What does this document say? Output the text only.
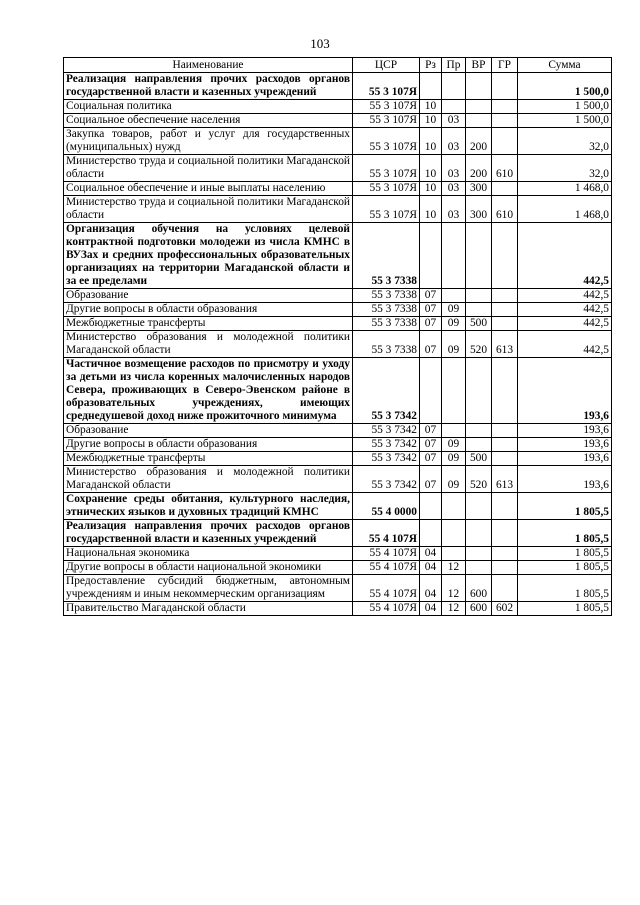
103
Наименование	ЦСР	Рз	Пр	ВР	ГР	Сумма
Реализация направления прочих расходов органов государственной власти и казенных учреждений	55 3 107Я					1 500,0
Социальная политика	55 3 107Я	10				1 500,0
Социальное обеспечение населения	55 3 107Я	10	03			1 500,0
Закупка товаров, работ и услуг для государственных (муниципальных) нужд	55 3 107Я	10	03	200		32,0
Министерство труда и социальной политики Магаданской области	55 3 107Я	10	03	200	610	32,0
Социальное обеспечение и иные выплаты населению	55 3 107Я	10	03	300		1 468,0
Министерство труда и социальной политики Магаданской области	55 3 107Я	10	03	300	610	1 468,0
Организация обучения на условиях целевой контрактной подготовки молодежи из числа КМНС в ВУЗах и средних профессиональных образовательных организациях на территории Магаданской области и за ее пределами	55 3 7338					442,5
Образование	55 3 7338	07				442,5
Другие вопросы в области образования	55 3 7338	07	09			442,5
Межбюджетные трансферты	55 3 7338	07	09	500		442,5
Министерство образования и молодежной политики Магаданской области	55 3 7338	07	09	520	613	442,5
Частичное возмещение расходов по присмотру и уходу за детьми из числа коренных малочисленных народов Севера, проживающих в Северо-Эвенском районе в образовательных учреждениях, имеющих среднедушевой доход ниже прожиточного минимума	55 3 7342					193,6
Образование	55 3 7342	07				193,6
Другие вопросы в области образования	55 3 7342	07	09			193,6
Межбюджетные трансферты	55 3 7342	07	09	500		193,6
Министерство образования и молодежной политики Магаданской области	55 3 7342	07	09	520	613	193,6
Сохранение среды обитания, культурного наследия, этнических языков и духовных традиций КМНС	55 4 0000					1 805,5
Реализация направления прочих расходов органов государственной власти и казенных учреждений	55 4 107Я					1 805,5
Национальная экономика	55 4 107Я	04				1 805,5
Другие вопросы в области национальной экономики	55 4 107Я	04	12			1 805,5
Предоставление субсидий бюджетным, автономным учреждениям и иным некоммерческим организациям	55 4 107Я	04	12	600		1 805,5
Правительство Магаданской области	55 4 107Я	04	12	600	602	1 805,5
